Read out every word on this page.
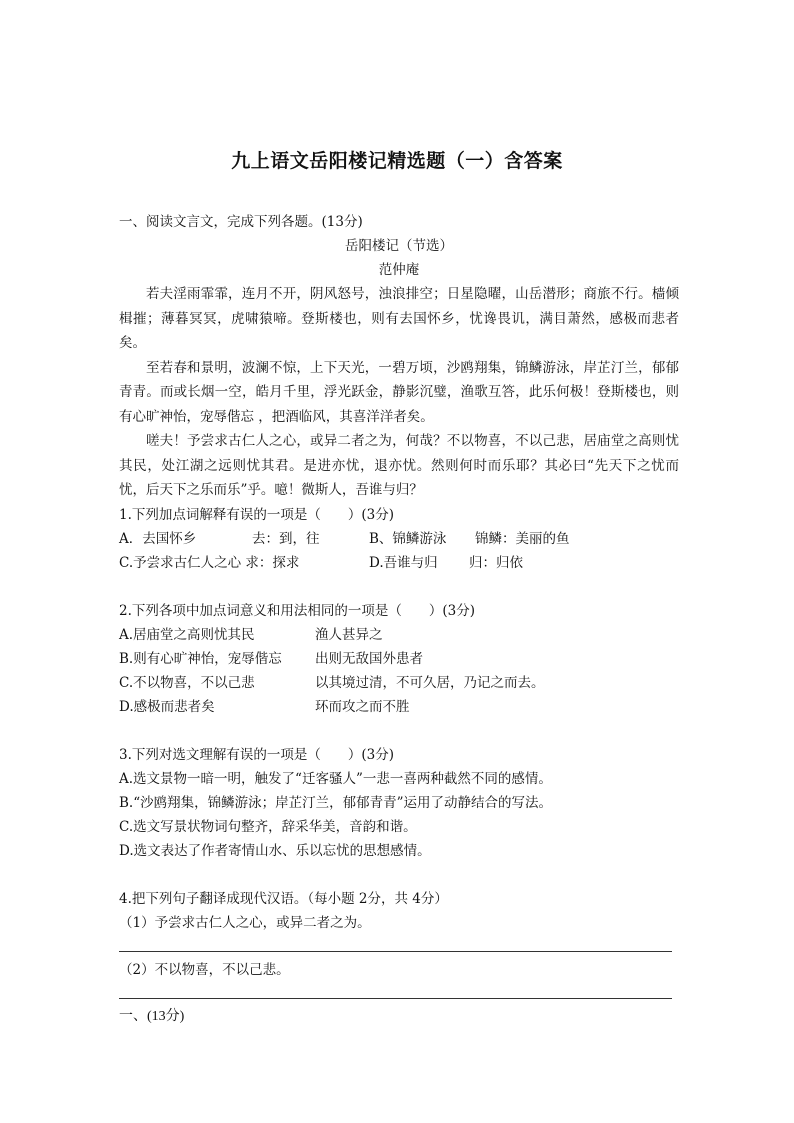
九上语文岳阳楼记精选题（一）含答案
一、阅读文言文，完成下列各题。(13分)
岳阳楼记（节选）
范仲庵
若夫淫雨霏霏，连月不开，阴风怒号，浊浪排空；日星隐曜，山岳潜形；商旅不行。樯倾楫摧；薄暮冥冥，虎啸猿啼。登斯楼也，则有去国怀乡，忧谗畏讥，满目萧然，感极而悲者矣。
至若春和景明，波澜不惊，上下天光，一碧万顷，沙鸥翔集，锦鳞游泳，岸芷汀兰，郁郁青青。而或长烟一空，皓月千里，浮光跃金，静影沉璧，渔歌互答，此乐何极！登斯楼也，则有心旷神怡，宠辱偕忘 ，把酒临风，其喜洋洋者矣。
嗟夫！予尝求古仁人之心，或异二者之为，何哉？不以物喜，不以己悲，居庙堂之高则忧其民，处江湖之远则忧其君。是进亦忧，退亦忧。然则何时而乐耶？其必曰“先天下之忧而忧，后天下之乐而乐”乎。噫！微斯人，吾谁与归？
1.下列加点词解释有误的一项是（　　）(3分)
A．去国怀乡	去：到，往	B、锦鳞游泳	锦鳞：美丽的鱼
C.予尝求古仁人之心 求：探求	D.吾谁与归	归：归依
2.下列各项中加点词意义和用法相同的一项是（　　）(3分)
A.居庙堂之高则忧其民	渔人甚异之
B.则有心旷神怡，宠辱偕忘	出则无敌国外患者
C.不以物喜，不以己悲	以其境过清，不可久居，乃记之而去。
D.感极而悲者矣	环而攻之而不胜
3.下列对选文理解有误的一项是（　　）(3分)
A.选文景物一暗一明，触发了“迁客骚人”一悲一喜两种截然不同的感情。
B.“沙鸥翔集，锦鳞游泳；岸芷汀兰，郁郁青青”运用了动静结合的写法。
C.选文写景状物词句整齐，辞采华美，音韵和谐。
D.选文表达了作者寄情山水、乐以忘忧的思想感情。
4.把下列句子翻译成现代汉语。（每小题 2分，共 4分）
（1）予尝求古仁人之心，或异二者之为。
（2）不以物喜，不以己悲。
一、(13分)
